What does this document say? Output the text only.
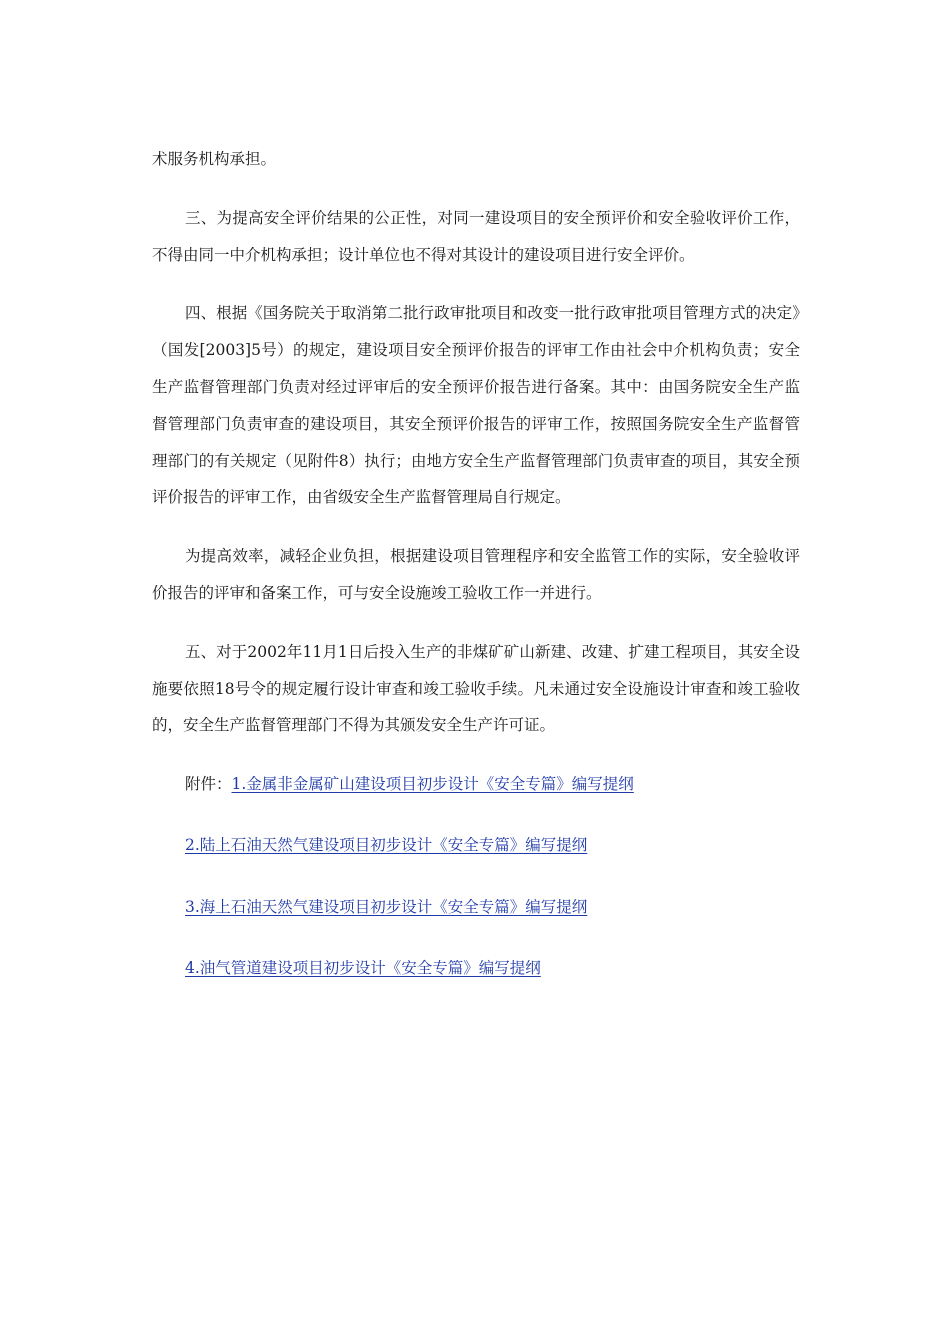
术服务机构承担。

三、为提高安全评价结果的公正性，对同一建设项目的安全预评价和安全验收评价工作，不得由同一中介机构承担；设计单位也不得对其设计的建设项目进行安全评价。

四、根据《国务院关于取消第二批行政审批项目和改变一批行政审批项目管理方式的决定》（国发[2003]5号）的规定，建设项目安全预评价报告的评审工作由社会中介机构负责；安全生产监督管理部门负责对经过评审后的安全预评价报告进行备案。其中：由国务院安全生产监督管理部门负责审查的建设项目，其安全预评价报告的评审工作，按照国务院安全生产监督管理部门的有关规定（见附件8）执行；由地方安全生产监督管理部门负责审查的项目，其安全预评价报告的评审工作，由省级安全生产监督管理局自行规定。

为提高效率，减轻企业负担，根据建设项目管理程序和安全监管工作的实际，安全验收评价报告的评审和备案工作，可与安全设施竣工验收工作一并进行。

五、对于2002年11月1日后投入生产的非煤矿矿山新建、改建、扩建工程项目，其安全设施要依照18号令的规定履行设计审查和竣工验收手续。凡未通过安全设施设计审查和竣工验收的，安全生产监督管理部门不得为其颁发安全生产许可证。

附件：1.金属非金属矿山建设项目初步设计《安全专篇》编写提纲

2.陆上石油天然气建设项目初步设计《安全专篇》编写提纲

3.海上石油天然气建设项目初步设计《安全专篇》编写提纲

4.油气管道建设项目初步设计《安全专篇》编写提纲
